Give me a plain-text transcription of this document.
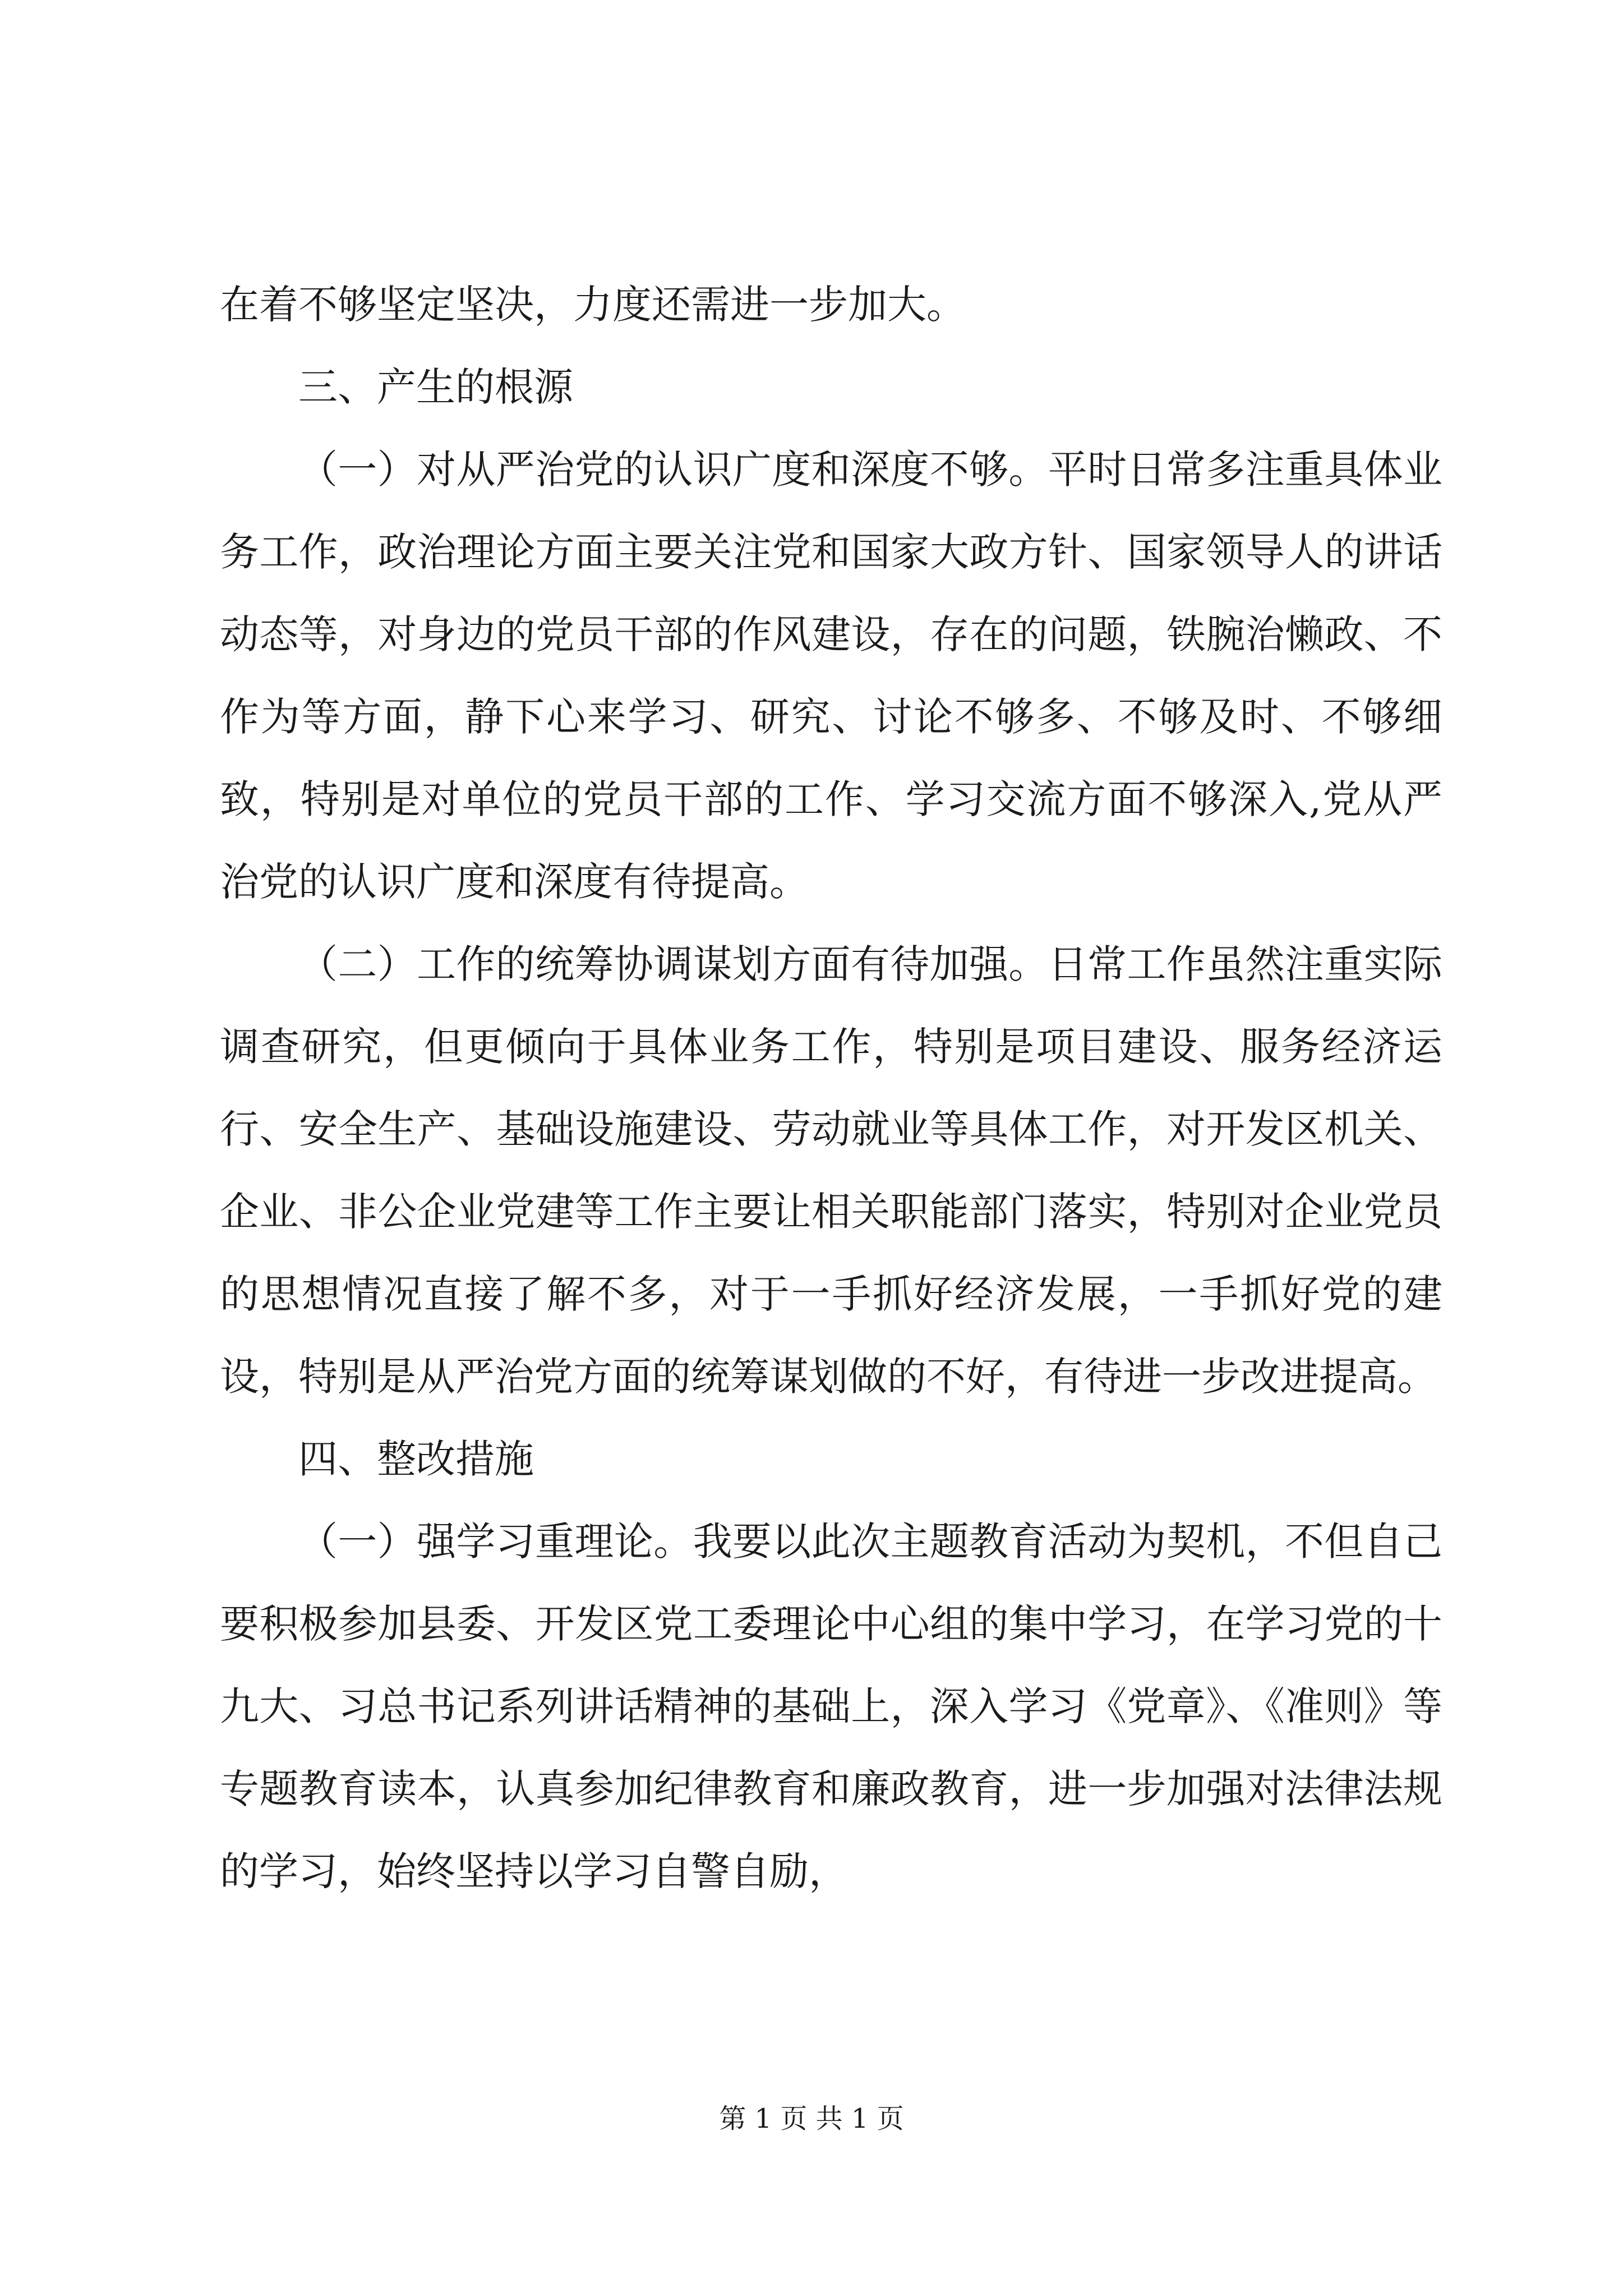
在着不够坚定坚决，力度还需进一步加大。

三、产生的根源

（一）对从严治党的认识广度和深度不够。平时日常多注重具体业务工作，政治理论方面主要关注党和国家大政方针、国家领导人的讲话动态等，对身边的党员干部的作风建设，存在的问题，铁腕治懒政、不作为等方面，静下心来学习、研究、讨论不够多、不够及时、不够细致，特别是对单位的党员干部的工作、学习交流方面不够深入,党从严治党的认识广度和深度有待提高。

（二）工作的统筹协调谋划方面有待加强。日常工作虽然注重实际调查研究，但更倾向于具体业务工作，特别是项目建设、服务经济运行、安全生产、基础设施建设、劳动就业等具体工作，对开发区机关、企业、非公企业党建等工作主要让相关职能部门落实，特别对企业党员的思想情况直接了解不多，对于一手抓好经济发展，一手抓好党的建设，特别是从严治党方面的统筹谋划做的不好，有待进一步改进提高。

四、整改措施

（一）强学习重理论。我要以此次主题教育活动为契机，不但自己要积极参加县委、开发区党工委理论中心组的集中学习，在学习党的十九大、习总书记系列讲话精神的基础上，深入学习《党章》、《准则》等专题教育读本，认真参加纪律教育和廉政教育，进一步加强对法律法规的学习，始终坚持以学习自警自励，

第 1 页 共 1 页
